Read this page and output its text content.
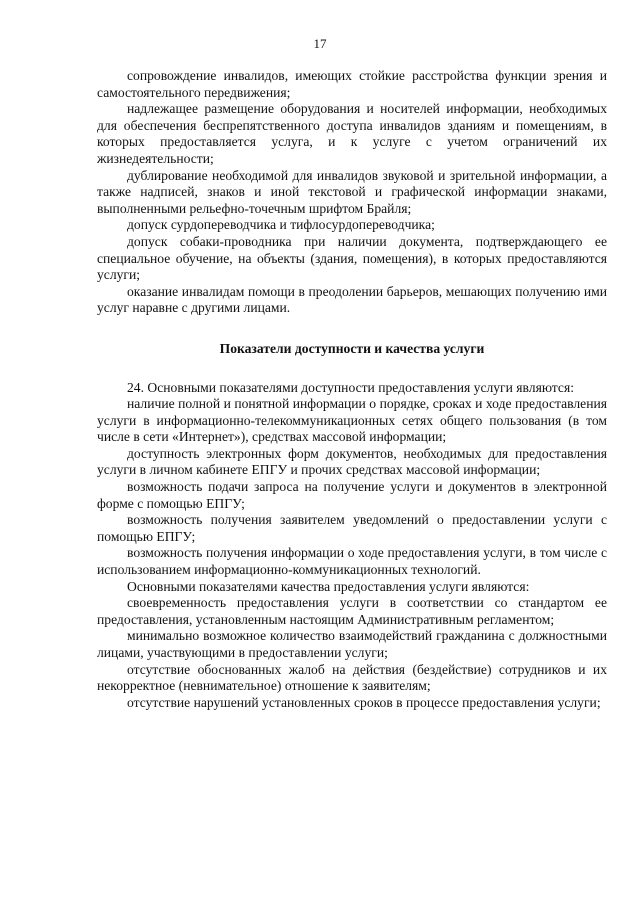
17

сопровождение инвалидов, имеющих стойкие расстройства функции зрения и самостоятельного передвижения;

надлежащее размещение оборудования и носителей информации, необходимых для обеспечения беспрепятственного доступа инвалидов зданиям и помещениям, в которых предоставляется услуга, и к услуге с учетом ограничений их жизнедеятельности;

дублирование необходимой для инвалидов звуковой и зрительной информации, а также надписей, знаков и иной текстовой и графической информации знаками, выполненными рельефно-точечным шрифтом Брайля;

допуск сурдопереводчика и тифлосурдопереводчика;

допуск собаки-проводника при наличии документа, подтверждающего ее специальное обучение, на объекты (здания, помещения), в которых предоставляются услуги;

оказание инвалидам помощи в преодолении барьеров, мешающих получению ими услуг наравне с другими лицами.

Показатели доступности и качества услуги

24. Основными показателями доступности предоставления услуги являются:

наличие полной и понятной информации о порядке, сроках и ходе предоставления услуги в информационно-телекоммуникационных сетях общего пользования (в том числе в сети «Интернет»), средствах массовой информации;

доступность электронных форм документов, необходимых для предоставления услуги в личном кабинете ЕПГУ и прочих средствах массовой информации;

возможность подачи запроса на получение услуги и документов в электронной форме с помощью ЕПГУ;

возможность получения заявителем уведомлений о предоставлении услуги с помощью ЕПГУ;

возможность получения информации о ходе предоставления услуги, в том числе с использованием информационно-коммуникационных технологий.

Основными показателями качества предоставления услуги являются:

своевременность предоставления услуги в соответствии со стандартом ее предоставления, установленным настоящим Административным регламентом;

минимально возможное количество взаимодействий гражданина с должностными лицами, участвующими в предоставлении услуги;

отсутствие обоснованных жалоб на действия (бездействие) сотрудников и их некорректное (невнимательное) отношение к заявителям;

отсутствие нарушений установленных сроков в процессе предоставления услуги;
